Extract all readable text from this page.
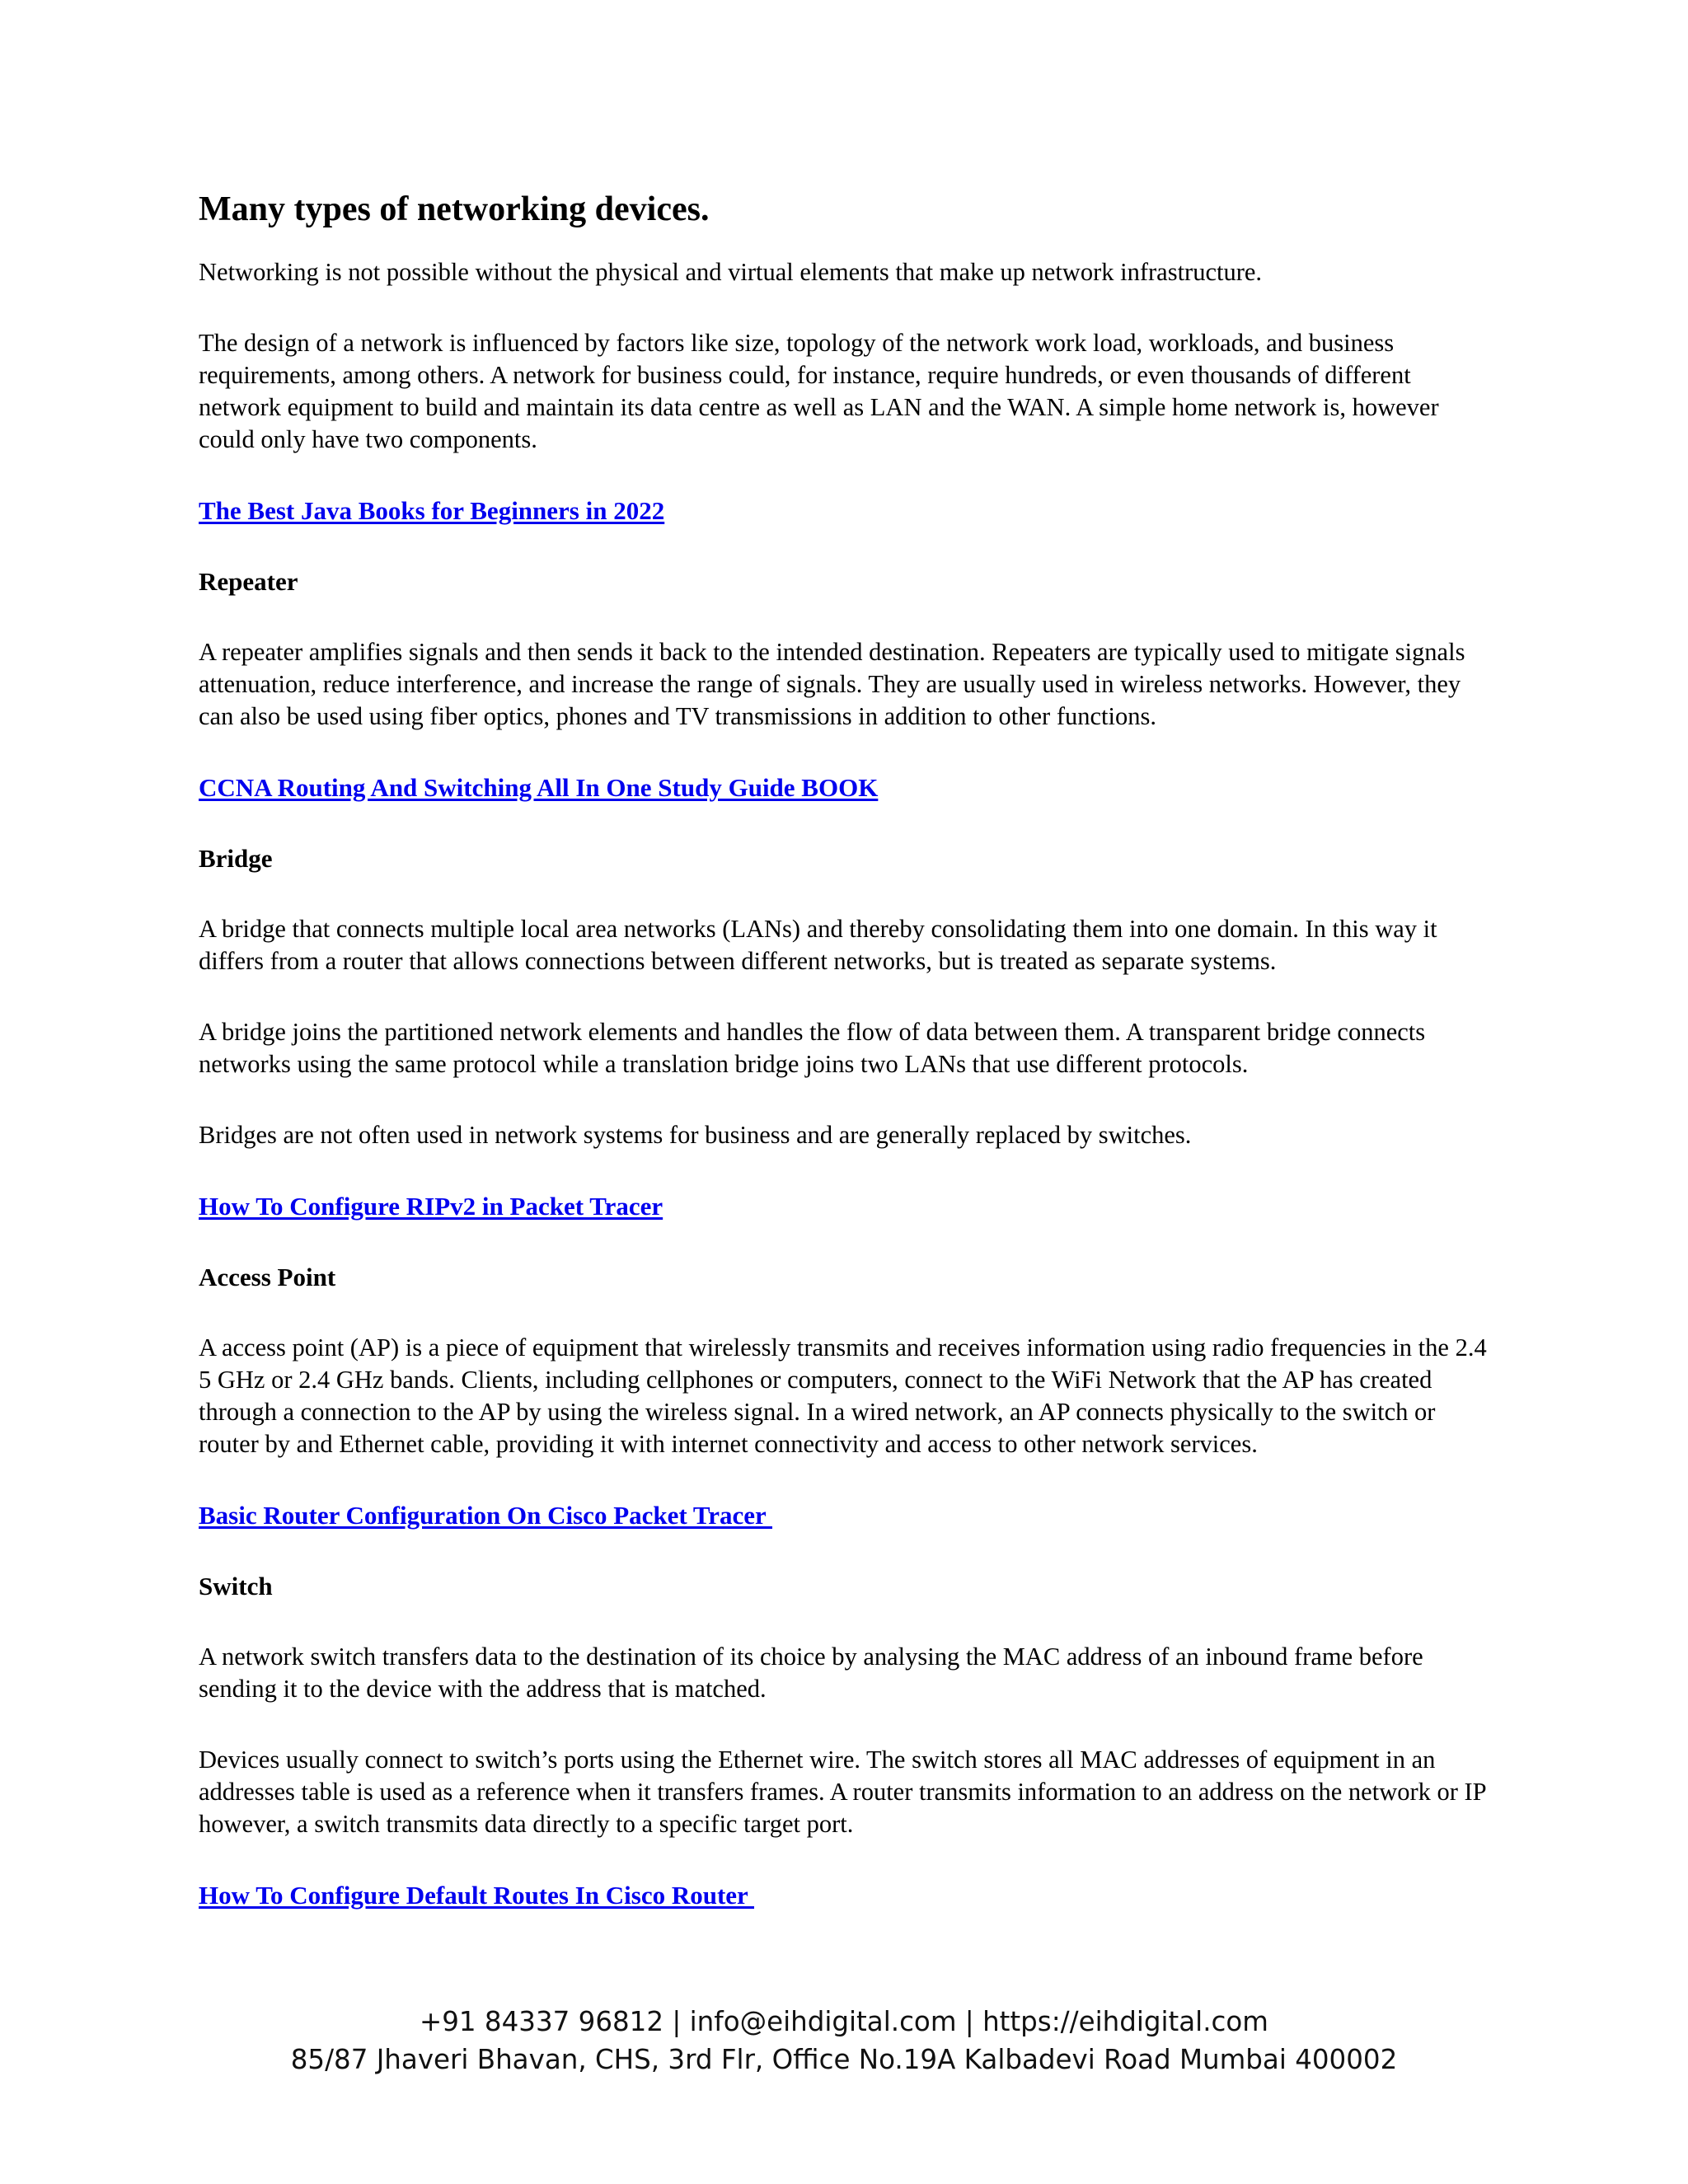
Many types of networking devices.

Networking is not possible without the physical and virtual elements that make up network infrastructure.

The design of a network is influenced by factors like size, topology of the network work load, workloads, and business requirements, among others. A network for business could, for instance, require hundreds, or even thousands of different network equipment to build and maintain its data centre as well as LAN and the WAN. A simple home network is, however could only have two components.

The Best Java Books for Beginners in 2022
Repeater

A repeater amplifies signals and then sends it back to the intended destination. Repeaters are typically used to mitigate signals attenuation, reduce interference, and increase the range of signals. They are usually used in wireless networks. However, they can also be used using fiber optics, phones and TV transmissions in addition to other functions.

CCNA Routing And Switching All In One Study Guide BOOK
Bridge

A bridge that connects multiple local area networks (LANs) and thereby consolidating them into one domain. In this way it differs from a router that allows connections between different networks, but is treated as separate systems.

A bridge joins the partitioned network elements and handles the flow of data between them. A transparent bridge connects networks using the same protocol while a translation bridge joins two LANs that use different protocols.

Bridges are not often used in network systems for business and are generally replaced by switches.

How To Configure RIPv2 in Packet Tracer
Access Point

A access point (AP) is a piece of equipment that wirelessly transmits and receives information using radio frequencies in the 2.4 5 GHz or 2.4 GHz bands. Clients, including cellphones or computers, connect to the WiFi Network that the AP has created through a connection to the AP by using the wireless signal. In a wired network, an AP connects physically to the switch or router by and Ethernet cable, providing it with internet connectivity and access to other network services.

Basic Router Configuration On Cisco Packet Tracer
Switch

A network switch transfers data to the destination of its choice by analysing the MAC address of an inbound frame before sending it to the device with the address that is matched.

Devices usually connect to switch’s ports using the Ethernet wire. The switch stores all MAC addresses of equipment in an addresses table is used as a reference when it transfers frames. A router transmits information to an address on the network or IP however, a switch transmits data directly to a specific target port.

How To Configure Default Routes In Cisco Router
+91 84337 96812 | info@eihdigital.com | https://eihdigital.com
85/87 Jhaveri Bhavan, CHS, 3rd Flr, Office No.19A Kalbadevi Road Mumbai 400002
